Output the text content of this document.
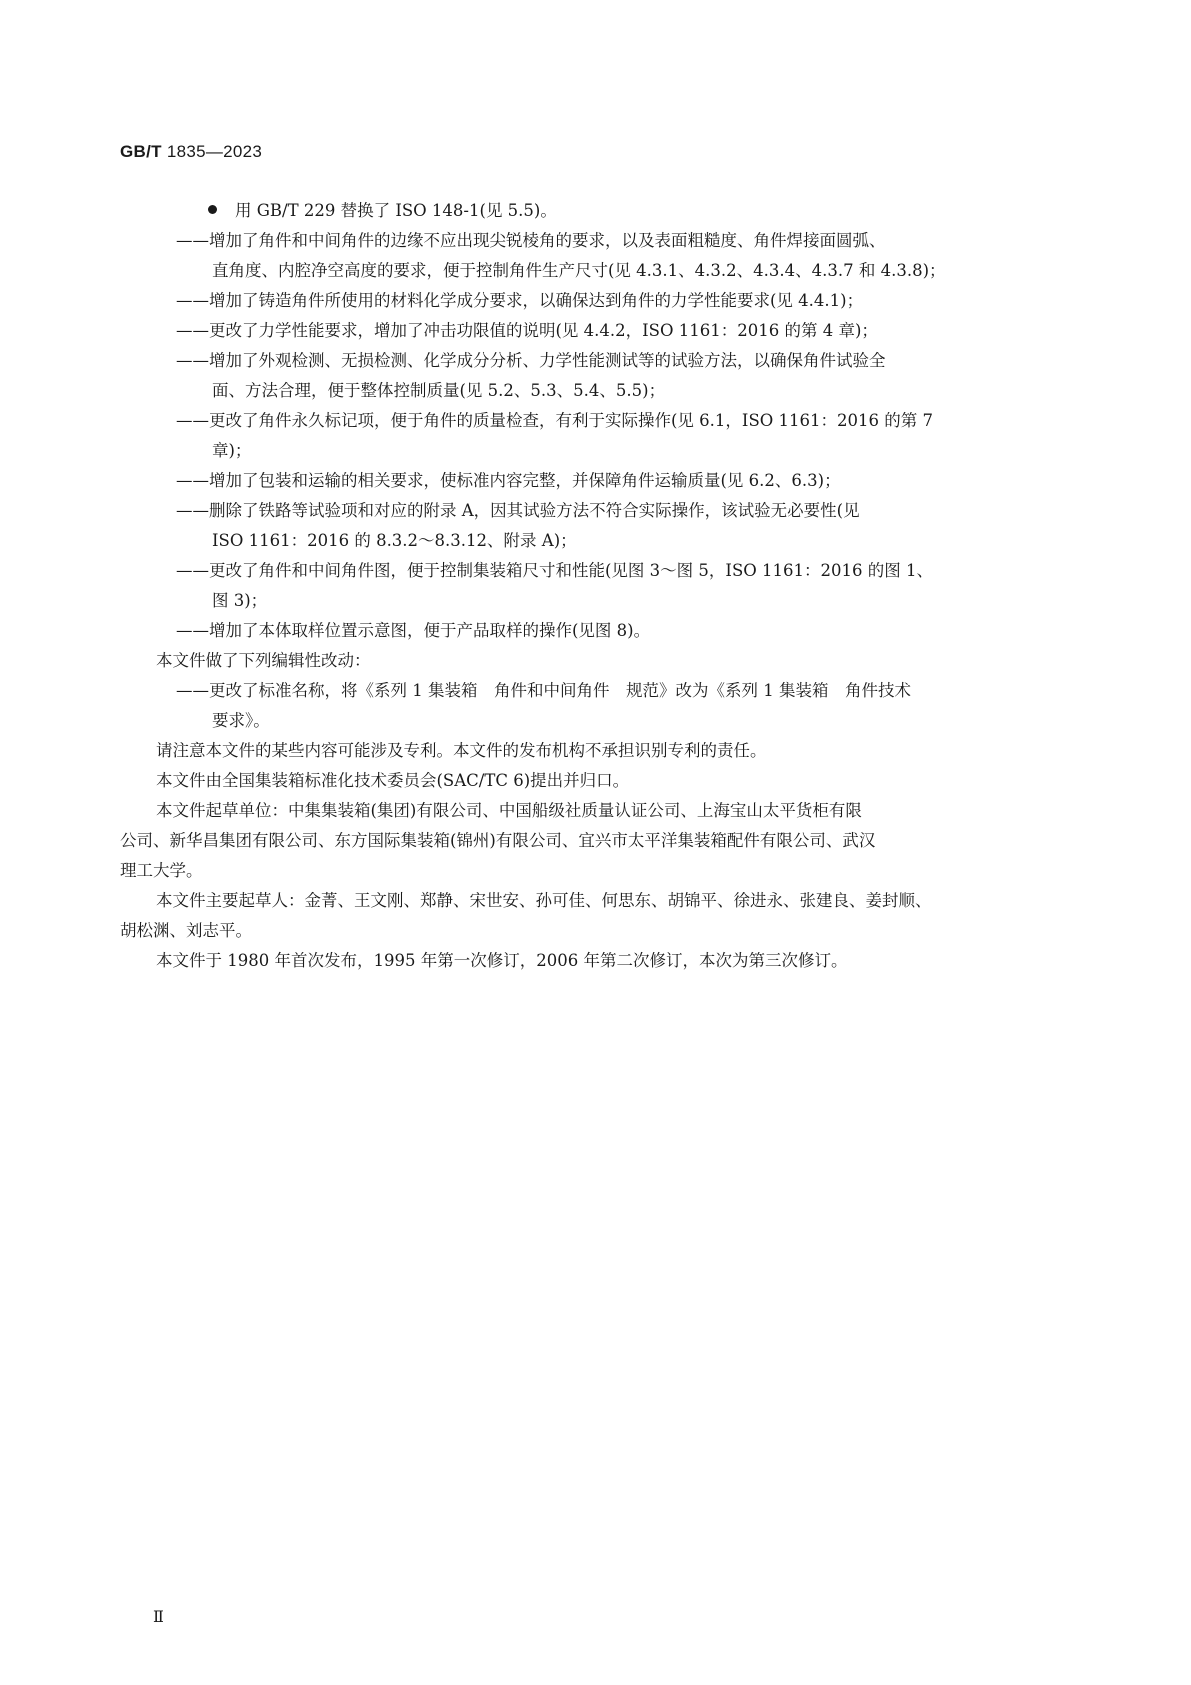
GB/T 1835—2023
用 GB/T 229 替换了 ISO 148-1(见 5.5)。
——增加了角件和中间角件的边缘不应出现尖锐棱角的要求，以及表面粗糙度、角件焊接面圆弧、
直角度、内腔净空高度的要求，便于控制角件生产尺寸(见 4.3.1、4.3.2、4.3.4、4.3.7 和 4.3.8)；
——增加了铸造角件所使用的材料化学成分要求，以确保达到角件的力学性能要求(见 4.4.1)；
——更改了力学性能要求，增加了冲击功限值的说明(见 4.4.2，ISO 1161：2016 的第 4 章)；
——增加了外观检测、无损检测、化学成分分析、力学性能测试等的试验方法，以确保角件试验全
面、方法合理，便于整体控制质量(见 5.2、5.3、5.4、5.5)；
——更改了角件永久标记项，便于角件的质量检查，有利于实际操作(见 6.1，ISO 1161：2016 的第 7
章)；
——增加了包装和运输的相关要求，使标准内容完整，并保障角件运输质量(见 6.2、6.3)；
——删除了铁路等试验项和对应的附录 A，因其试验方法不符合实际操作，该试验无必要性(见
ISO 1161：2016 的 8.3.2～8.3.12、附录 A)；
——更改了角件和中间角件图，便于控制集装箱尺寸和性能(见图 3～图 5，ISO 1161：2016 的图 1、
图 3)；
——增加了本体取样位置示意图，便于产品取样的操作(见图 8)。
本文件做了下列编辑性改动：
——更改了标准名称，将《系列 1 集装箱　角件和中间角件　规范》改为《系列 1 集装箱　角件技术
要求》。
请注意本文件的某些内容可能涉及专利。本文件的发布机构不承担识别专利的责任。
本文件由全国集装箱标准化技术委员会(SAC/TC 6)提出并归口。
本文件起草单位：中集集装箱(集团)有限公司、中国船级社质量认证公司、上海宝山太平货柜有限
公司、新华昌集团有限公司、东方国际集装箱(锦州)有限公司、宜兴市太平洋集装箱配件有限公司、武汉
理工大学。
本文件主要起草人：金菁、王文刚、郑静、宋世安、孙可佳、何思东、胡锦平、徐进永、张建良、姜封顺、
胡松渊、刘志平。
本文件于 1980 年首次发布，1995 年第一次修订，2006 年第二次修订，本次为第三次修订。
Ⅱ
